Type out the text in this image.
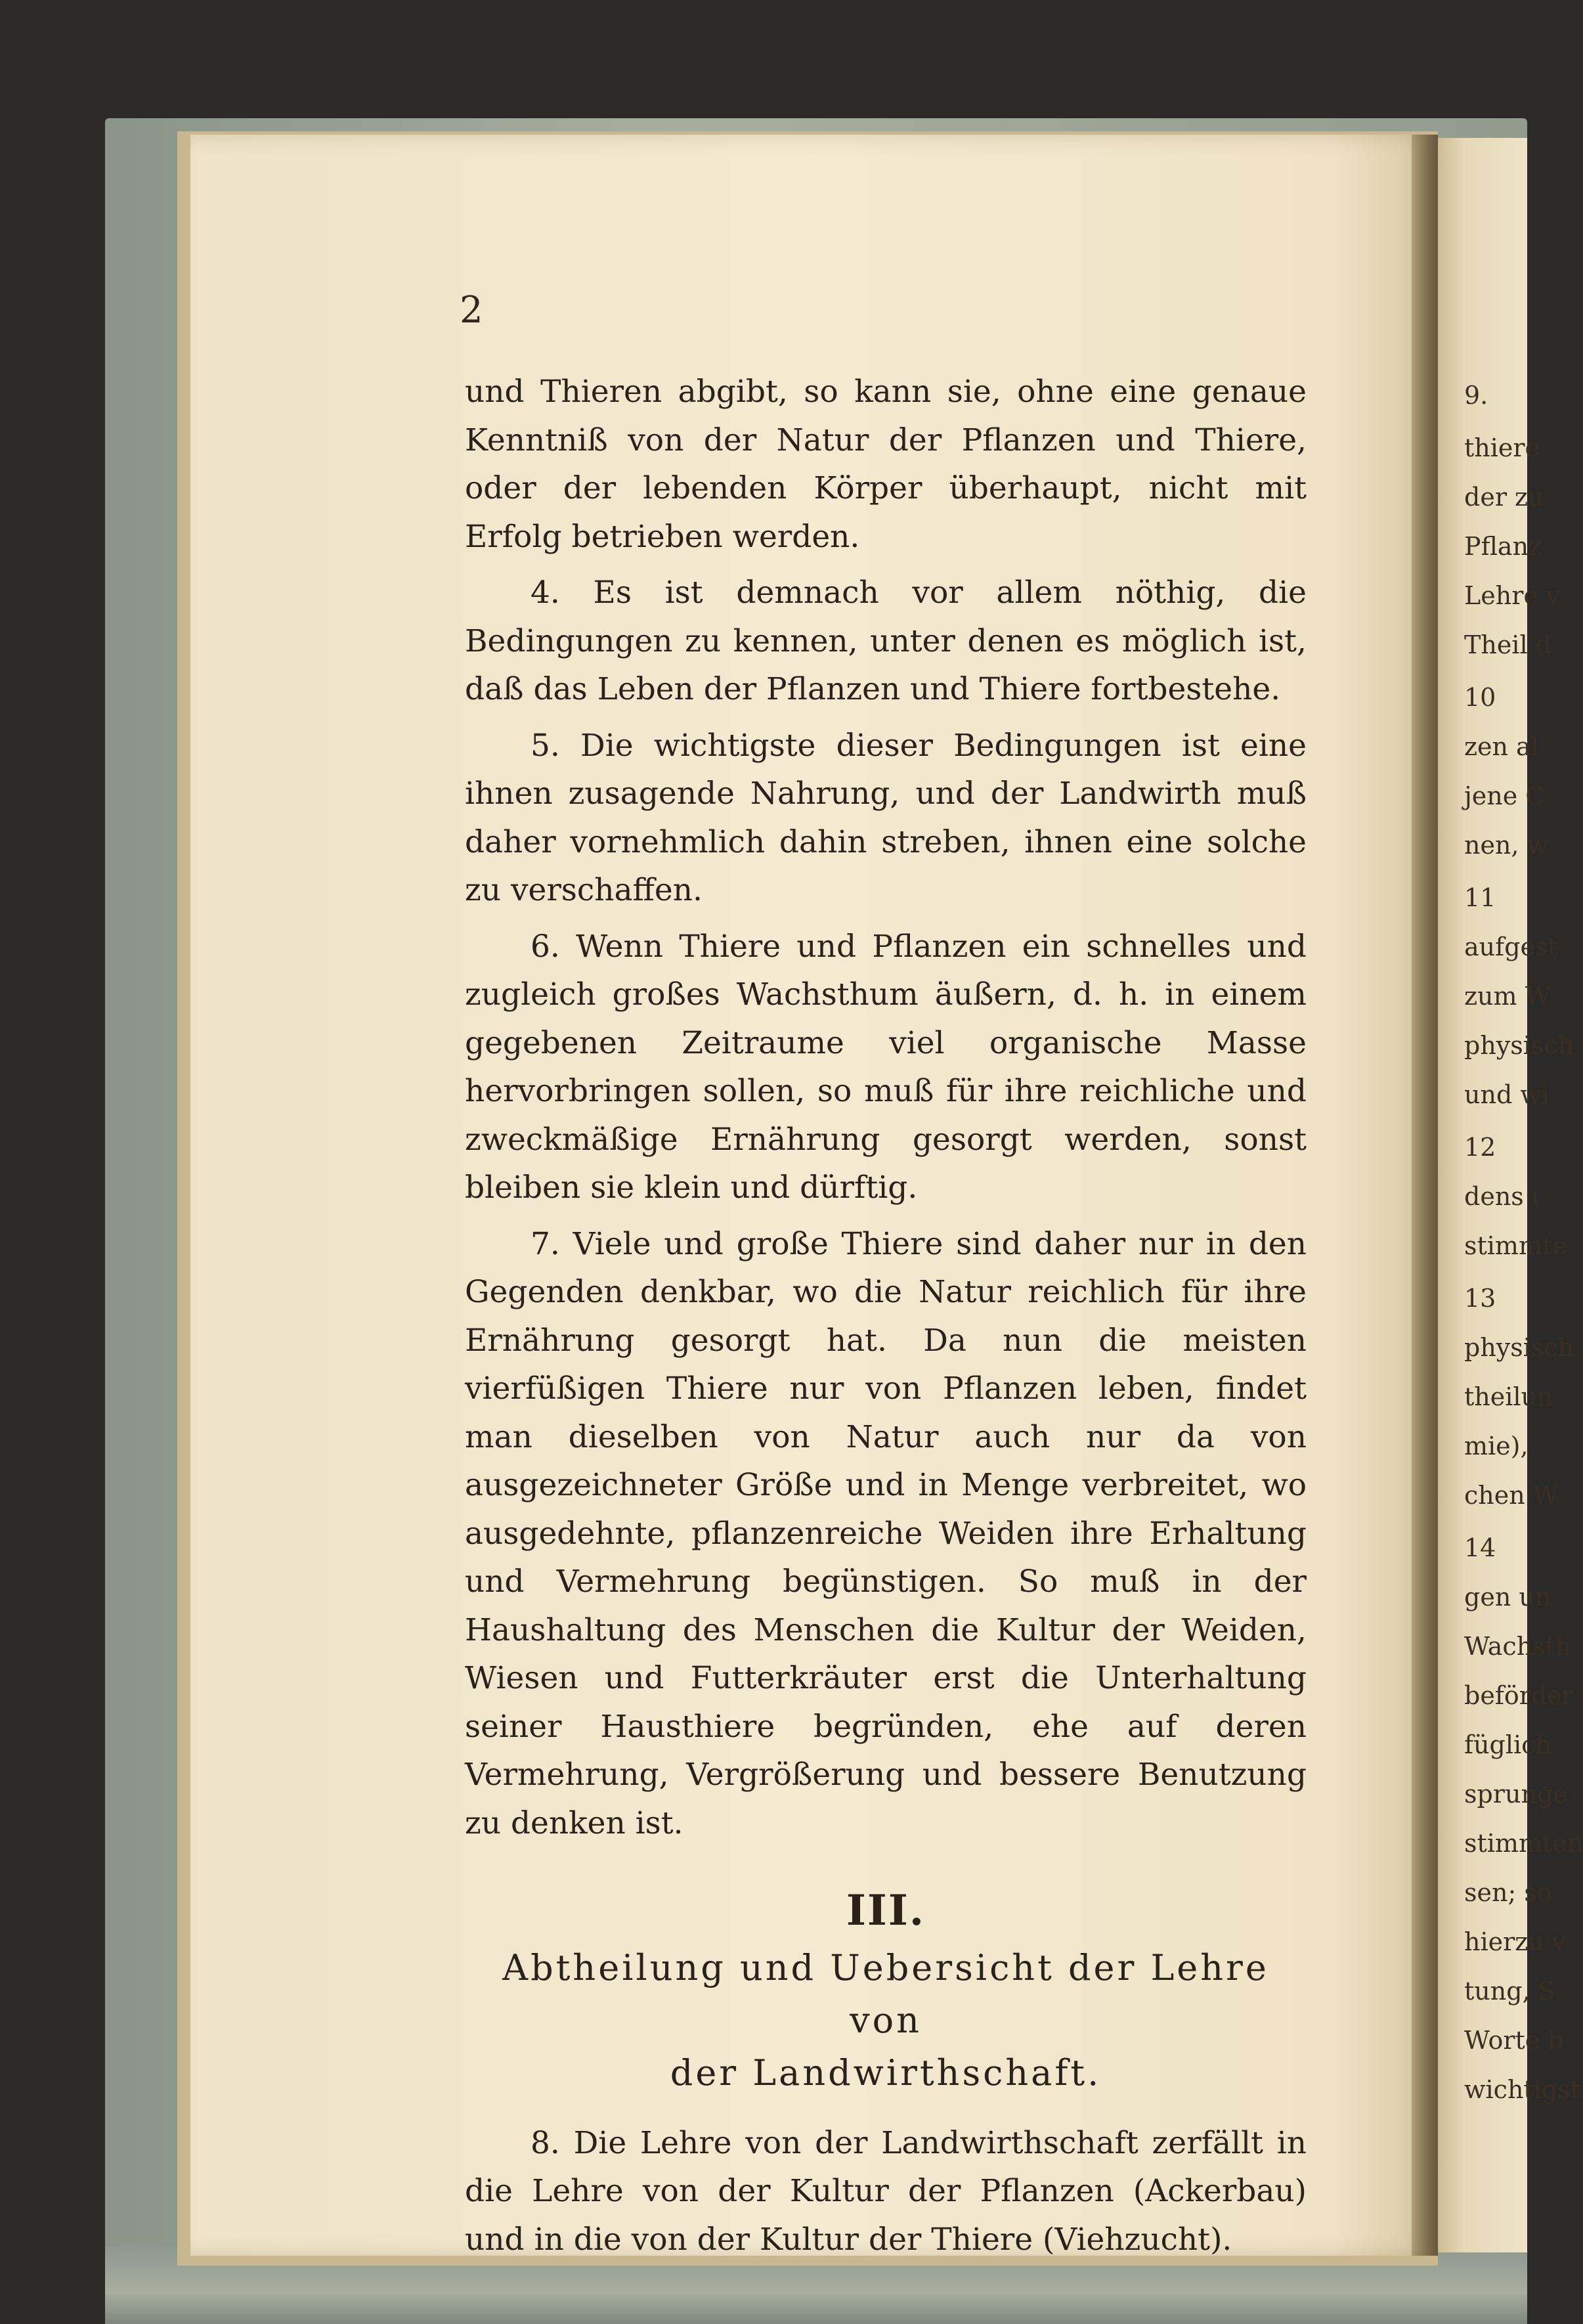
9.
thiere
der zu
Pflanz
Lehre v
Theil d
10
zen al
jene C
nen, w
11
aufgest
zum W
physisch
und wi
12
dens (
stimmte
13
physisch
theilun
mie),
chen W
14
gen un
Wachsth
beförder
füglich
sprunge
stimmten
sen; so
hierzu v
tung, S
Worte b
wichtigst
2

und Thieren abgibt, so kann sie, ohne eine genaue Kenntniß von der Natur der Pflanzen und Thiere, oder der lebenden Körper überhaupt, nicht mit Erfolg betrieben werden.

4. Es ist demnach vor allem nöthig, die Bedingungen zu kennen, unter denen es möglich ist, daß das Leben der Pflanzen und Thiere fortbestehe.

5. Die wichtigste dieser Bedingungen ist eine ihnen zusagende Nahrung, und der Landwirth muß daher vornehmlich dahin streben, ihnen eine solche zu verschaffen.

6. Wenn Thiere und Pflanzen ein schnelles und zugleich großes Wachsthum äußern, d. h. in einem gegebenen Zeitraume viel organische Masse hervorbringen sollen, so muß für ihre reichliche und zweckmäßige Ernährung gesorgt werden, sonst bleiben sie klein und dürftig.

7. Viele und große Thiere sind daher nur in den Gegenden denkbar, wo die Natur reichlich für ihre Ernährung gesorgt hat. Da nun die meisten vierfüßigen Thiere nur von Pflanzen leben, findet man dieselben von Natur auch nur da von ausgezeichneter Größe und in Menge verbreitet, wo ausgedehnte, pflanzenreiche Weiden ihre Erhaltung und Vermehrung begünstigen. So muß in der Haushaltung des Menschen die Kultur der Weiden, Wiesen und Futterkräuter erst die Unterhaltung seiner Hausthiere begründen, ehe auf deren Vermehrung, Vergrößerung und bessere Benutzung zu denken ist.

III.
Abtheilung und Uebersicht der Lehre von
der Landwirthschaft.

8. Die Lehre von der Landwirthschaft zerfällt in die Lehre von der Kultur der Pflanzen (Ackerbau) und in die von der Kultur der Thiere (Viehzucht).
